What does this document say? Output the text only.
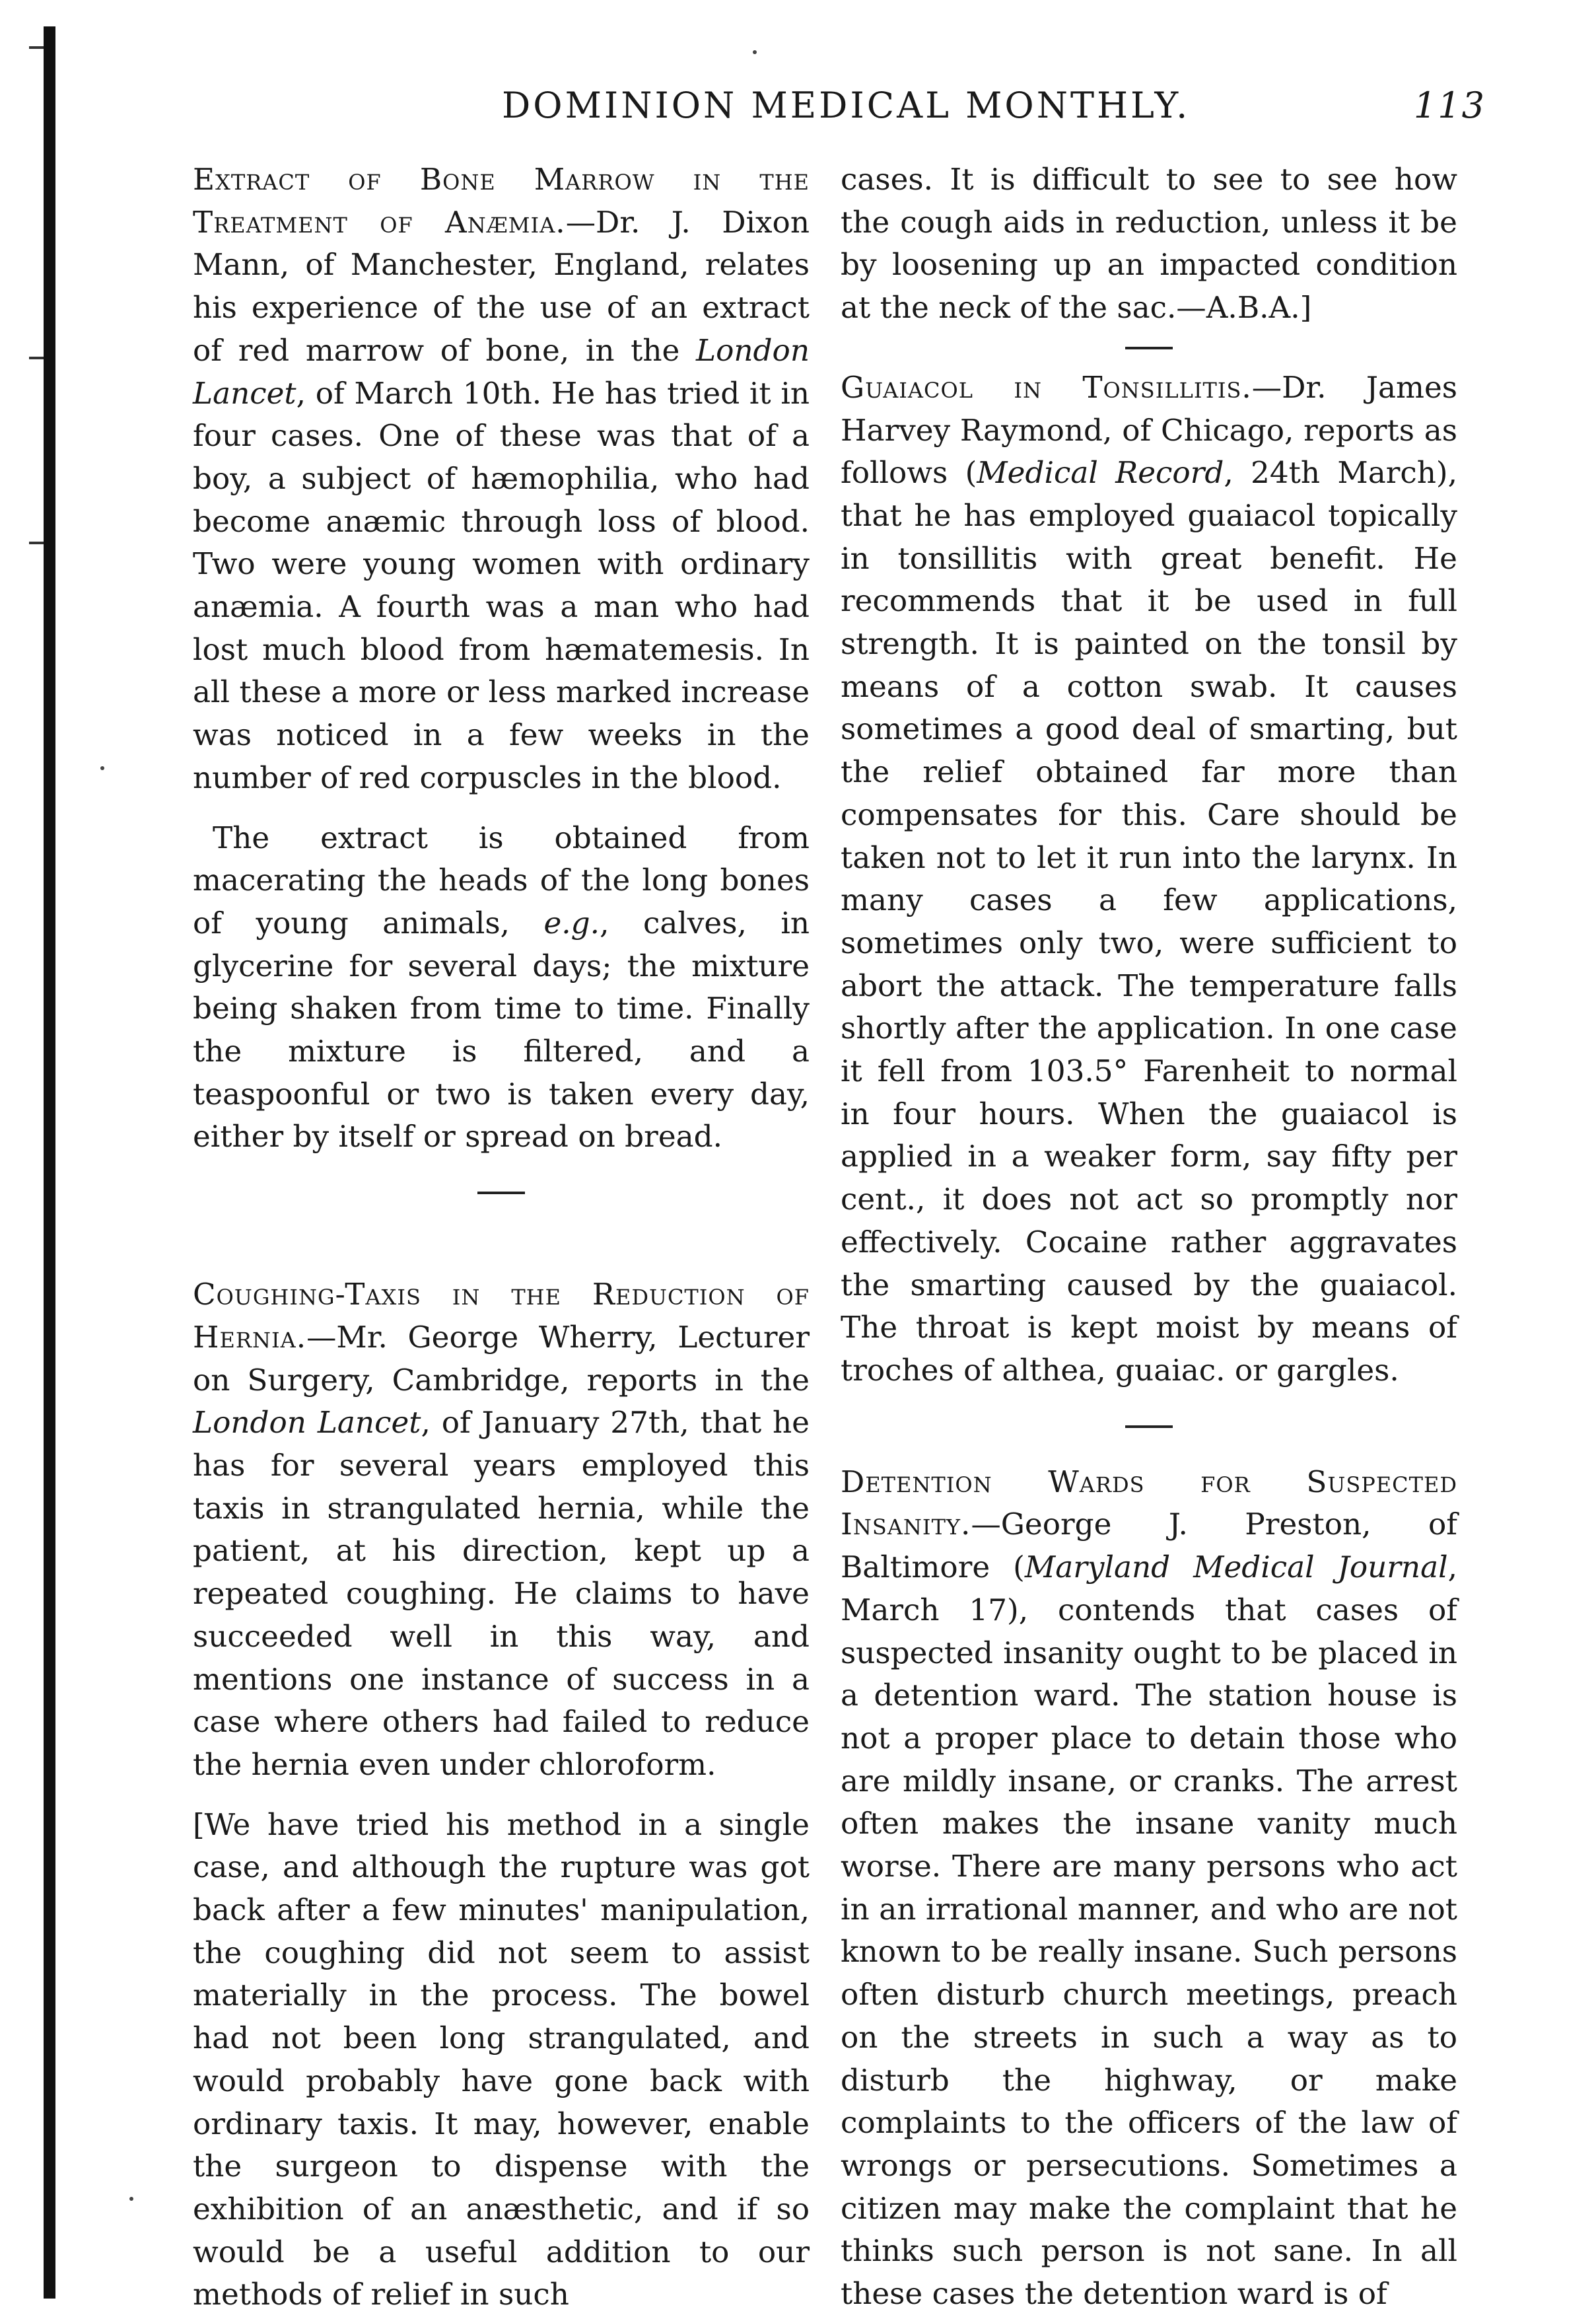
DOMINION MEDICAL MONTHLY.	113

Extract of Bone Marrow in the Treatment of Anæmia.—Dr. J. Dixon Mann, of Manchester, England, relates his experience of the use of an extract of red marrow of bone, in the London Lancet, of March 10th. He has tried it in four cases. One of these was that of a boy, a subject of hæmophilia, who had become anæmic through loss of blood. Two were young women with ordinary anæmia. A fourth was a man who had lost much blood from hæmatemesis. In all these a more or less marked increase was noticed in a few weeks in the number of red corpuscles in the blood.

The extract is obtained from macerating the heads of the long bones of young animals, e.g., calves, in glycerine for several days; the mixture being shaken from time to time. Finally the mixture is filtered, and a teaspoonful or two is taken every day, either by itself or spread on bread.

Coughing-Taxis in the Reduction of Hernia.—Mr. George Wherry, Lecturer on Surgery, Cambridge, reports in the London Lancet, of January 27th, that he has for several years employed this taxis in strangulated hernia, while the patient, at his direction, kept up a repeated coughing. He claims to have succeeded well in this way, and mentions one instance of success in a case where others had failed to reduce the hernia even under chloroform.

[We have tried his method in a single case, and although the rupture was got back after a few minutes' manipulation, the coughing did not seem to assist materially in the process. The bowel had not been long strangulated, and would probably have gone back with ordinary taxis. It may, however, enable the surgeon to dispense with the exhibition of an anæsthetic, and if so would be a useful addition to our methods of relief in such

cases. It is difficult to see to see how the cough aids in reduction, unless it be by loosening up an impacted condition at the neck of the sac.—A.B.A.]

Guaiacol in Tonsillitis.—Dr. James Harvey Raymond, of Chicago, reports as follows (Medical Record, 24th March), that he has employed guaiacol topically in tonsillitis with great benefit. He recommends that it be used in full strength. It is painted on the tonsil by means of a cotton swab. It causes sometimes a good deal of smarting, but the relief obtained far more than compensates for this. Care should be taken not to let it run into the larynx. In many cases a few applications, sometimes only two, were sufficient to abort the attack. The temperature falls shortly after the application. In one case it fell from 103.5° Farenheit to normal in four hours. When the guaiacol is applied in a weaker form, say fifty per cent., it does not act so promptly nor effectively. Cocaine rather aggravates the smarting caused by the guaiacol. The throat is kept moist by means of troches of althea, guaiac. or gargles.

Detention Wards for Suspected Insanity.—George J. Preston, of Baltimore (Maryland Medical Journal, March 17), contends that cases of suspected insanity ought to be placed in a detention ward. The station house is not a proper place to detain those who are mildly insane, or cranks. The arrest often makes the insane vanity much worse. There are many persons who act in an irrational manner, and who are not known to be really insane. Such persons often disturb church meetings, preach on the streets in such a way as to disturb the highway, or make complaints to the officers of the law of wrongs or persecutions. Sometimes a citizen may make the complaint that he thinks such person is not sane. In all these cases the detention ward is of
